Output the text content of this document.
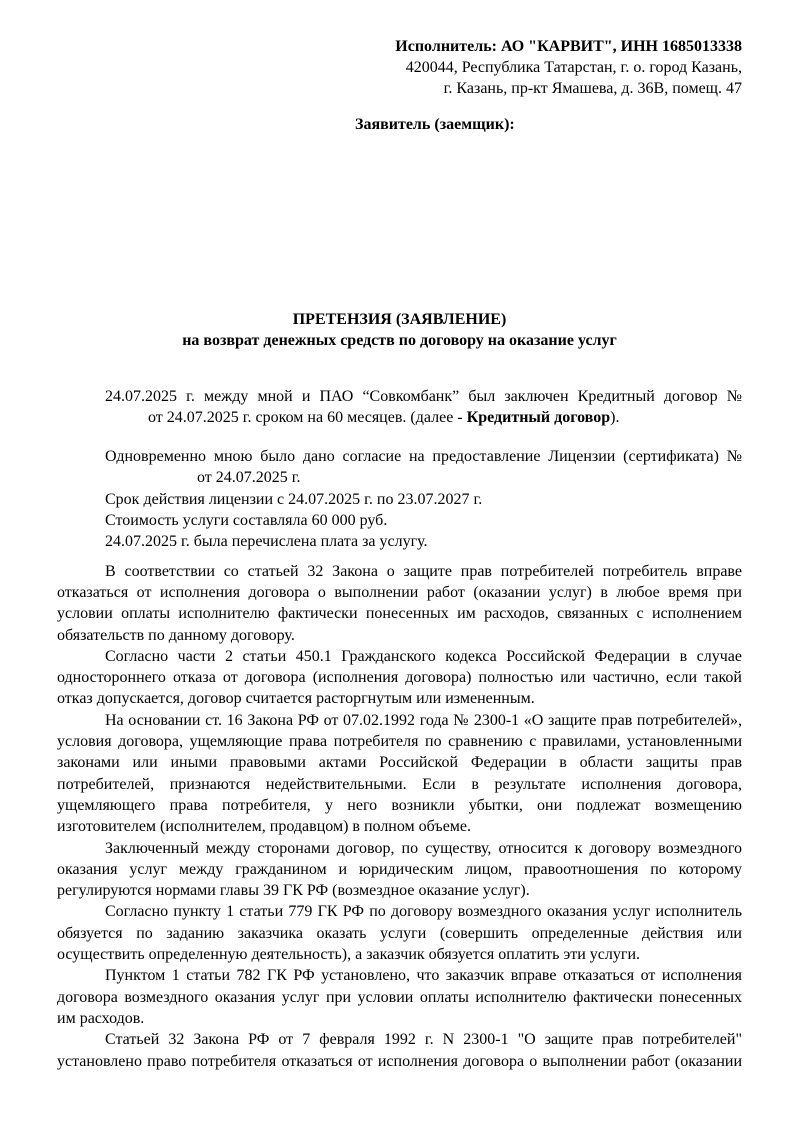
Исполнитель: АО "КАРВИТ", ИНН 1685013338
420044, Республика Татарстан, г. о. город Казань,
г. Казань, пр-кт Ямашева, д. 36В, помещ. 47
Заявитель (заемщик):
ПРЕТЕНЗИЯ (ЗАЯВЛЕНИЕ)
на возврат денежных средств по договору на оказание услуг
24.07.2025 г. между мной и ПАО “Совкомбанк” был заключен Кредитный договор №
от 24.07.2025 г. сроком на 60 месяцев. (далее - Кредитный договор).
Одновременно мною было дано согласие на предоставление Лицензии (сертификата) №
от 24.07.2025 г.
Срок действия лицензии с 24.07.2025 г. по 23.07.2027 г.
Стоимость услуги составляла 60 000 руб.
24.07.2025 г. была перечислена плата за услугу.
В соответствии со статьей 32 Закона о защите прав потребителей потребитель вправе
отказаться от исполнения договора о выполнении работ (оказании услуг) в любое время при
условии оплаты исполнителю фактически понесенных им расходов, связанных с исполнением
обязательств по данному договору.
Согласно части 2 статьи 450.1 Гражданского кодекса Российской Федерации в случае
одностороннего отказа от договора (исполнения договора) полностью или частично, если такой
отказ допускается, договор считается расторгнутым или измененным.
На основании ст. 16 Закона РФ от 07.02.1992 года № 2300-1 «О защите прав потребителей»,
условия договора, ущемляющие права потребителя по сравнению с правилами, установленными
законами или иными правовыми актами Российской Федерации в области защиты прав
потребителей, признаются недействительными. Если в результате исполнения договора,
ущемляющего права потребителя, у него возникли убытки, они подлежат возмещению
изготовителем (исполнителем, продавцом) в полном объеме.
Заключенный между сторонами договор, по существу, относится к договору возмездного
оказания услуг между гражданином и юридическим лицом, правоотношения по которому
регулируются нормами главы 39 ГК РФ (возмездное оказание услуг).
Согласно пункту 1 статьи 779 ГК РФ по договору возмездного оказания услуг исполнитель
обязуется по заданию заказчика оказать услуги (совершить определенные действия или
осуществить определенную деятельность), а заказчик обязуется оплатить эти услуги.
Пунктом 1 статьи 782 ГК РФ установлено, что заказчик вправе отказаться от исполнения
договора возмездного оказания услуг при условии оплаты исполнителю фактически понесенных
им расходов.
Статьей 32 Закона РФ от 7 февраля 1992 г. N 2300-1 "О защите прав потребителей"
установлено право потребителя отказаться от исполнения договора о выполнении работ (оказании
